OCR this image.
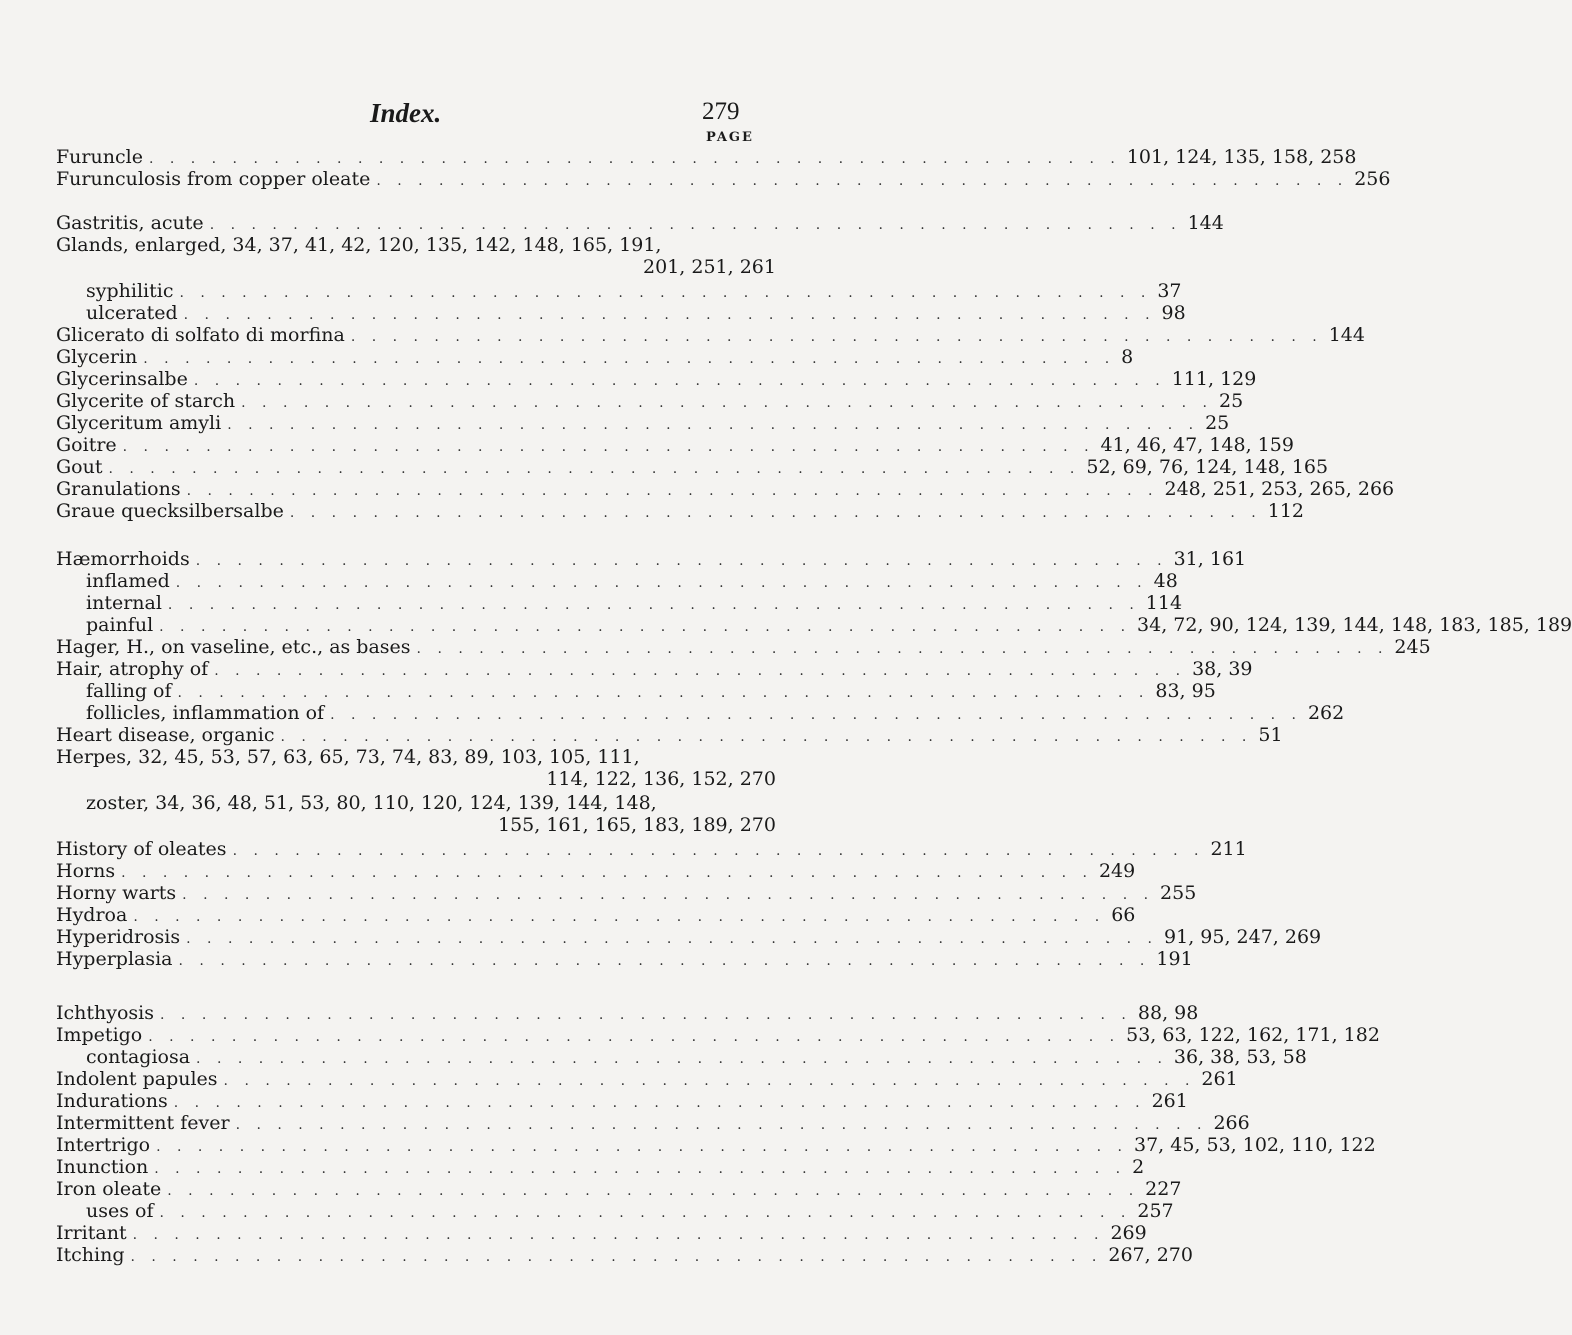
Index.	279
PAGE
Furuncle . . . . . . . . . . . . . . . . . . . . . . . . . . . . . . . . . . . . . . . . . . . . . . . 101, 124, 135, 158, 258
Furunculosis from copper oleate . . . . . . . . . . . . . . . . . . . . . . . . . . . . . . . . . . . . . . . . . . . . . . . 256
Gastritis, acute . . . . . . . . . . . . . . . . . . . . . . . . . . . . . . . . . . . . . . . . . . . . . . . 144
Glands, enlarged, 34, 37, 41, 42, 120, 135, 142, 148, 165, 191,
201, 251, 261
syphilitic . . . . . . . . . . . . . . . . . . . . . . . . . . . . . . . . . . . . . . . . . . . . . . . 37
ulcerated . . . . . . . . . . . . . . . . . . . . . . . . . . . . . . . . . . . . . . . . . . . . . . . 98
Glicerato di solfato di morfina . . . . . . . . . . . . . . . . . . . . . . . . . . . . . . . . . . . . . . . . . . . . . . . 144
Glycerin . . . . . . . . . . . . . . . . . . . . . . . . . . . . . . . . . . . . . . . . . . . . . . . 8
Glycerinsalbe . . . . . . . . . . . . . . . . . . . . . . . . . . . . . . . . . . . . . . . . . . . . . . . 111, 129
Glycerite of starch . . . . . . . . . . . . . . . . . . . . . . . . . . . . . . . . . . . . . . . . . . . . . . . 25
Glyceritum amyli . . . . . . . . . . . . . . . . . . . . . . . . . . . . . . . . . . . . . . . . . . . . . . . 25
Goitre . . . . . . . . . . . . . . . . . . . . . . . . . . . . . . . . . . . . . . . . . . . . . . . 41, 46, 47, 148, 159
Gout . . . . . . . . . . . . . . . . . . . . . . . . . . . . . . . . . . . . . . . . . . . . . . . 52, 69, 76, 124, 148, 165
Granulations . . . . . . . . . . . . . . . . . . . . . . . . . . . . . . . . . . . . . . . . . . . . . . . 248, 251, 253, 265, 266
Graue quecksilbersalbe . . . . . . . . . . . . . . . . . . . . . . . . . . . . . . . . . . . . . . . . . . . . . . . 112
Hæmorrhoids . . . . . . . . . . . . . . . . . . . . . . . . . . . . . . . . . . . . . . . . . . . . . . . 31, 161
inflamed . . . . . . . . . . . . . . . . . . . . . . . . . . . . . . . . . . . . . . . . . . . . . . . 48
internal . . . . . . . . . . . . . . . . . . . . . . . . . . . . . . . . . . . . . . . . . . . . . . . 114
painful . . . . . . . . . . . . . . . . . . . . . . . . . . . . . . . . . . . . . . . . . . . . . . . 34, 72, 90, 124, 139, 144, 148, 183, 185, 189
Hager, H., on vaseline, etc., as bases . . . . . . . . . . . . . . . . . . . . . . . . . . . . . . . . . . . . . . . . . . . . . . . 245
Hair, atrophy of . . . . . . . . . . . . . . . . . . . . . . . . . . . . . . . . . . . . . . . . . . . . . . . 38, 39
falling of . . . . . . . . . . . . . . . . . . . . . . . . . . . . . . . . . . . . . . . . . . . . . . . 83, 95
follicles, inflammation of . . . . . . . . . . . . . . . . . . . . . . . . . . . . . . . . . . . . . . . . . . . . . . . 262
Heart disease, organic . . . . . . . . . . . . . . . . . . . . . . . . . . . . . . . . . . . . . . . . . . . . . . . 51
Herpes, 32, 45, 53, 57, 63, 65, 73, 74, 83, 89, 103, 105, 111,
114, 122, 136, 152, 270
zoster, 34, 36, 48, 51, 53, 80, 110, 120, 124, 139, 144, 148,
155, 161, 165, 183, 189, 270
History of oleates . . . . . . . . . . . . . . . . . . . . . . . . . . . . . . . . . . . . . . . . . . . . . . . 211
Horns . . . . . . . . . . . . . . . . . . . . . . . . . . . . . . . . . . . . . . . . . . . . . . . 249
Horny warts . . . . . . . . . . . . . . . . . . . . . . . . . . . . . . . . . . . . . . . . . . . . . . . 255
Hydroa . . . . . . . . . . . . . . . . . . . . . . . . . . . . . . . . . . . . . . . . . . . . . . . 66
Hyperidrosis . . . . . . . . . . . . . . . . . . . . . . . . . . . . . . . . . . . . . . . . . . . . . . . 91, 95, 247, 269
Hyperplasia . . . . . . . . . . . . . . . . . . . . . . . . . . . . . . . . . . . . . . . . . . . . . . . 191
Ichthyosis . . . . . . . . . . . . . . . . . . . . . . . . . . . . . . . . . . . . . . . . . . . . . . . 88, 98
Impetigo . . . . . . . . . . . . . . . . . . . . . . . . . . . . . . . . . . . . . . . . . . . . . . . 53, 63, 122, 162, 171, 182
contagiosa . . . . . . . . . . . . . . . . . . . . . . . . . . . . . . . . . . . . . . . . . . . . . . . 36, 38, 53, 58
Indolent papules . . . . . . . . . . . . . . . . . . . . . . . . . . . . . . . . . . . . . . . . . . . . . . . 261
Indurations . . . . . . . . . . . . . . . . . . . . . . . . . . . . . . . . . . . . . . . . . . . . . . . 261
Intermittent fever . . . . . . . . . . . . . . . . . . . . . . . . . . . . . . . . . . . . . . . . . . . . . . . 266
Intertrigo . . . . . . . . . . . . . . . . . . . . . . . . . . . . . . . . . . . . . . . . . . . . . . . 37, 45, 53, 102, 110, 122
Inunction . . . . . . . . . . . . . . . . . . . . . . . . . . . . . . . . . . . . . . . . . . . . . . . 2
Iron oleate . . . . . . . . . . . . . . . . . . . . . . . . . . . . . . . . . . . . . . . . . . . . . . . 227
uses of . . . . . . . . . . . . . . . . . . . . . . . . . . . . . . . . . . . . . . . . . . . . . . . 257
Irritant . . . . . . . . . . . . . . . . . . . . . . . . . . . . . . . . . . . . . . . . . . . . . . . 269
Itching . . . . . . . . . . . . . . . . . . . . . . . . . . . . . . . . . . . . . . . . . . . . . . . 267, 270
